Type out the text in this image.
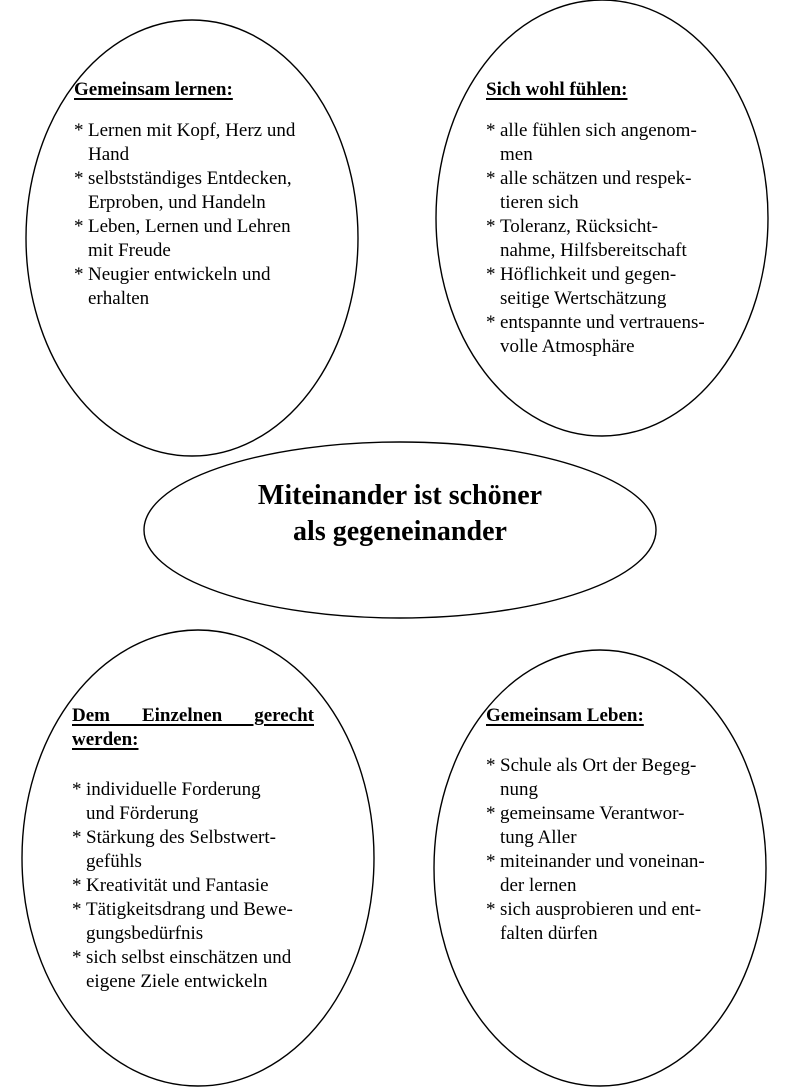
Miteinander ist schöner
als gegeneinander
Gemeinsam lernen:
* Lernen mit Kopf, Herz und
Hand
* selbstständiges Entdecken,
Erproben, und Handeln
* Leben, Lernen und Lehren
mit Freude
* Neugier entwickeln und
erhalten
Sich wohl fühlen:
* alle fühlen sich angenom-
men
* alle schätzen und respek-
tieren sich
* Toleranz, Rücksicht-
nahme, Hilfsbereitschaft
* Höflichkeit und gegen-
seitige Wertschätzung
* entspannte und vertrauens-
volle Atmosphäre
Dem Einzelnen gerecht
werden:
* individuelle Forderung
und Förderung
* Stärkung des Selbstwert-
gefühls
* Kreativität und Fantasie
* Tätigkeitsdrang und Bewe-
gungsbedürfnis
* sich selbst einschätzen und
eigene Ziele entwickeln
Gemeinsam Leben:
* Schule als Ort der Begeg-
nung
* gemeinsame Verantwor-
tung Aller
* miteinander und voneinan-
der lernen
* sich ausprobieren und ent-
falten dürfen
